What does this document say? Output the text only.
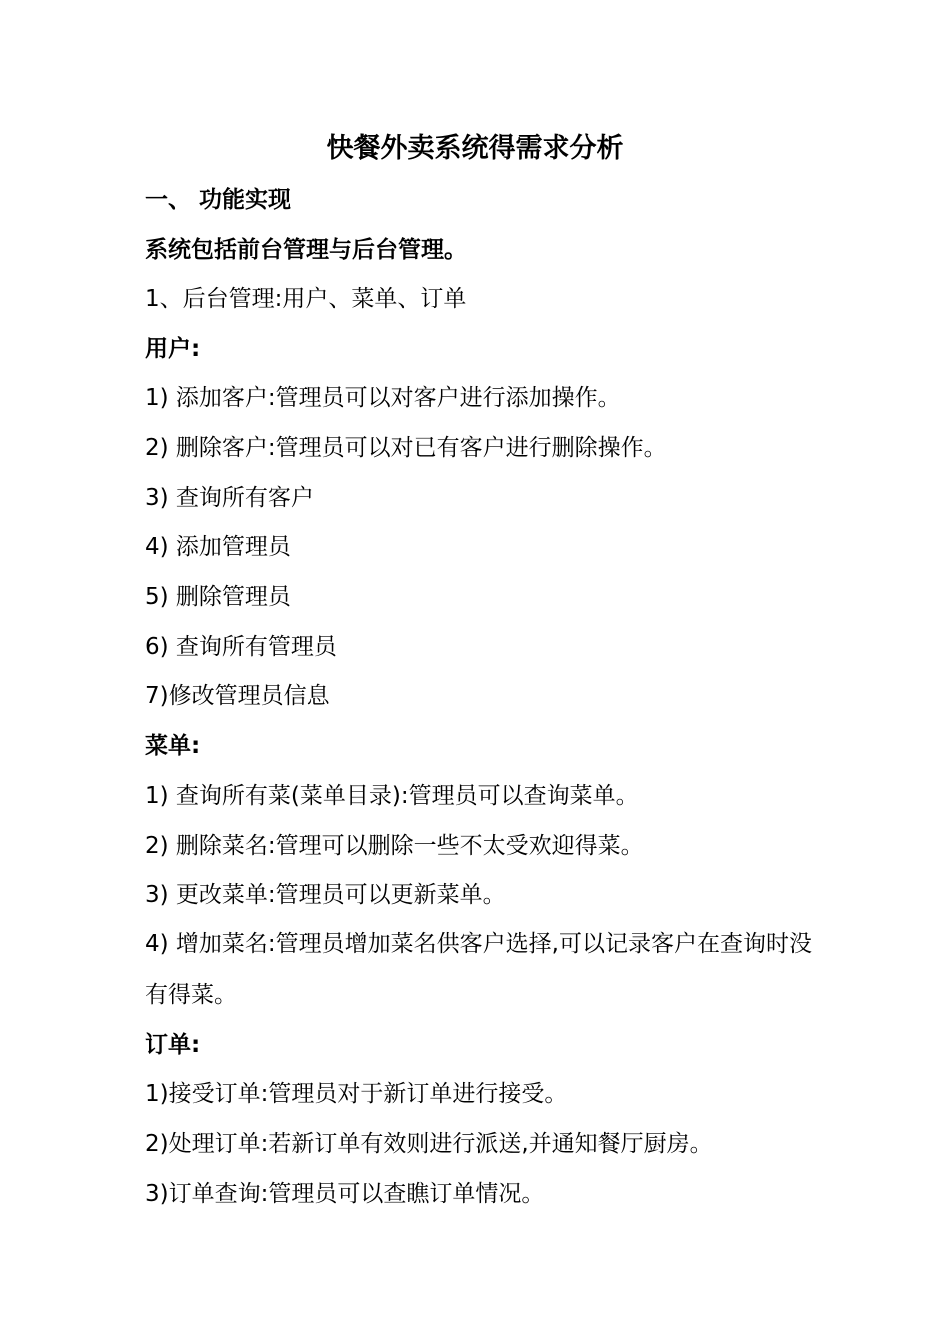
快餐外卖系统得需求分析
一、 功能实现
系统包括前台管理与后台管理。
1、后台管理:用户、菜单、订单
用户:
1) 添加客户:管理员可以对客户进行添加操作。
2) 删除客户:管理员可以对已有客户进行删除操作。
3) 查询所有客户
4) 添加管理员
5) 删除管理员
6) 查询所有管理员
7)修改管理员信息
菜单:
1) 查询所有菜(菜单目录):管理员可以查询菜单。
2) 删除菜名:管理可以删除一些不太受欢迎得菜。
3) 更改菜单:管理员可以更新菜单。
4) 增加菜名:管理员增加菜名供客户选择,可以记录客户在查询时没有得菜。
订单:
1)接受订单:管理员对于新订单进行接受。
2)处理订单:若新订单有效则进行派送,并通知餐厅厨房。
3)订单查询:管理员可以查瞧订单情况。
